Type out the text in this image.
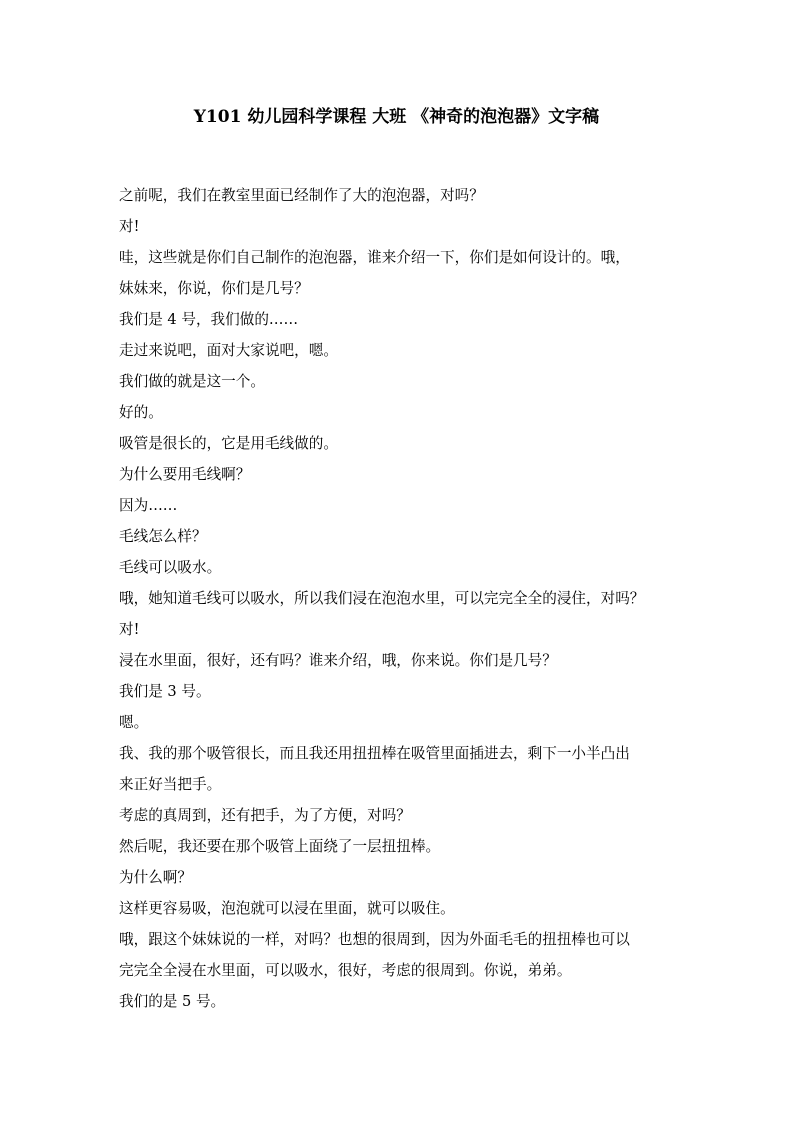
Y101 幼儿园科学课程 大班 《神奇的泡泡器》文字稿

之前呢，我们在教室里面已经制作了大的泡泡器，对吗？

对!

哇，这些就是你们自己制作的泡泡器，谁来介绍一下，你们是如何设计的。哦，

妹妹来，你说，你们是几号？

我们是 4 号，我们做的……

走过来说吧，面对大家说吧，嗯。

我们做的就是这一个。

好的。

吸管是很长的，它是用毛线做的。

为什么要用毛线啊？

因为……

毛线怎么样？

毛线可以吸水。

哦，她知道毛线可以吸水，所以我们浸在泡泡水里，可以完完全全的浸住，对吗？

对!

浸在水里面，很好，还有吗？谁来介绍，哦，你来说。你们是几号？

我们是 3 号。

嗯。

我、我的那个吸管很长，而且我还用扭扭棒在吸管里面插进去，剩下一小半凸出

来正好当把手。

考虑的真周到，还有把手，为了方便，对吗？

然后呢，我还要在那个吸管上面绕了一层扭扭棒。

为什么啊？

这样更容易吸，泡泡就可以浸在里面，就可以吸住。

哦，跟这个妹妹说的一样，对吗？也想的很周到，因为外面毛毛的扭扭棒也可以

完完全全浸在水里面，可以吸水，很好，考虑的很周到。你说，弟弟。

我们的是 5 号。
